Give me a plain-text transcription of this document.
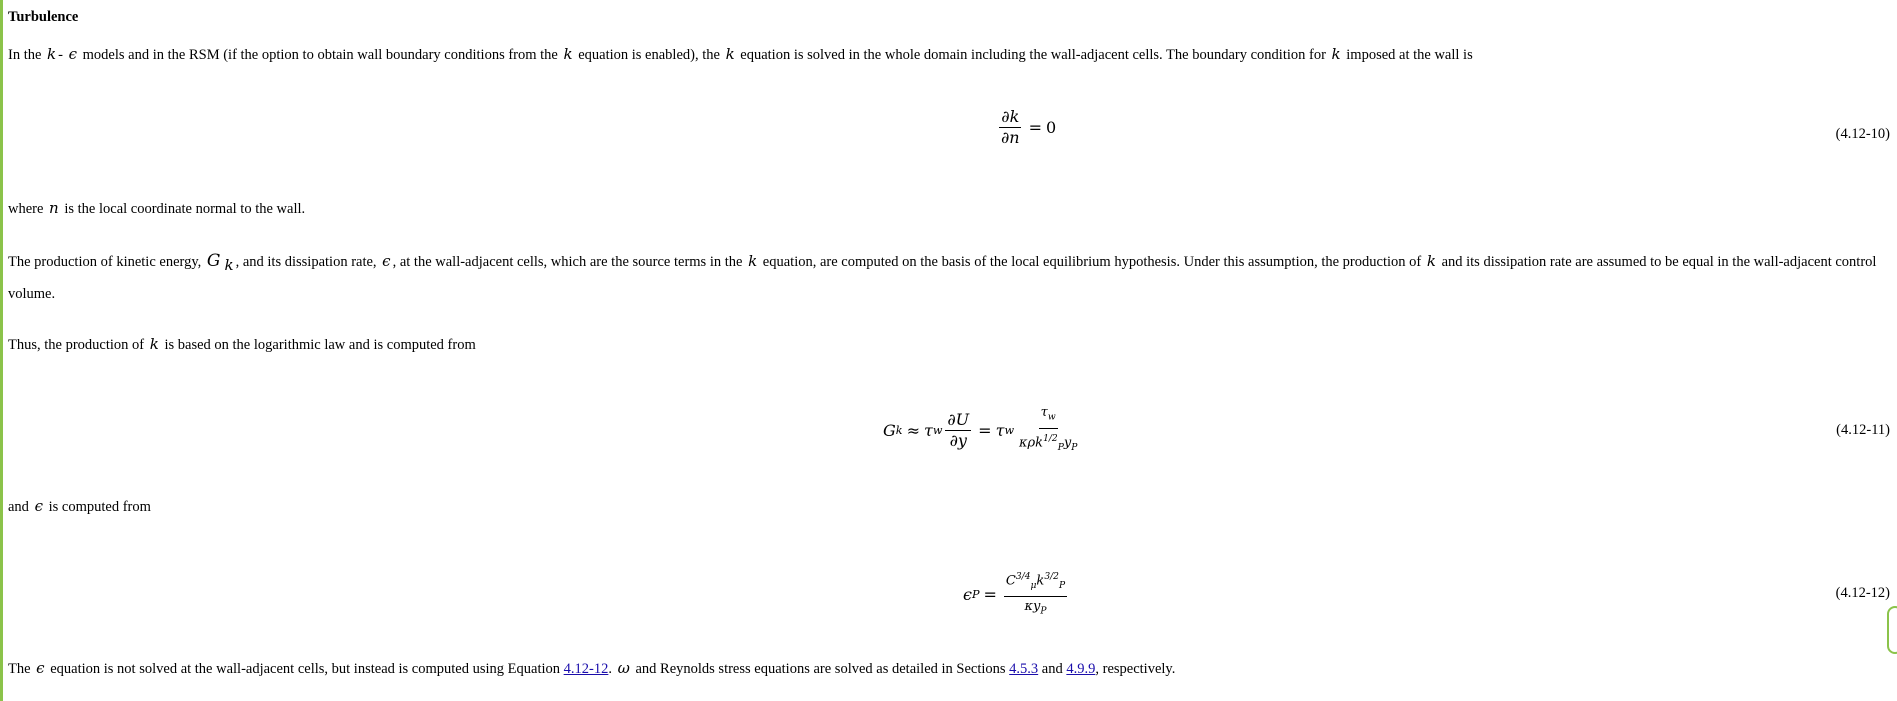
Turbulence
In the k - ϵ models and in the RSM (if the option to obtain wall boundary conditions from the k equation is enabled), the k equation is solved in the whole domain including the wall-adjacent cells. The boundary condition for k imposed at the wall is
$\frac{\partial k}{\partial n} = 0$	(4.12-10)
where n is the local coordinate normal to the wall.
The production of kinetic energy, G $_k$ , and its dissipation rate, ϵ , at the wall-adjacent cells, which are the source terms in the k equation, are computed on the basis of the local equilibrium hypothesis. Under this assumption, the production of k and its dissipation rate are assumed to be equal in the wall-adjacent control volume.
Thus, the production of k is based on the logarithmic law and is computed from
G k ≈ τ w $\frac{\partial U}{\partial y} = \tau$ w $\frac{\tau_w}{\kappa\rho k^{1/2}_Py_P}$	(4.12-11)
and ϵ is computed from
ϵ $P = \frac{C^{3/4}_\mu k^{3/2}_P}{\kappa y_P}$	(4.12-12)
The ϵ equation is not solved at the wall-adjacent cells, but instead is computed using Equation 4.12-12. ω and Reynolds stress equations are solved as detailed in Sections 4.5.3 and 4.9.9, respectively.
